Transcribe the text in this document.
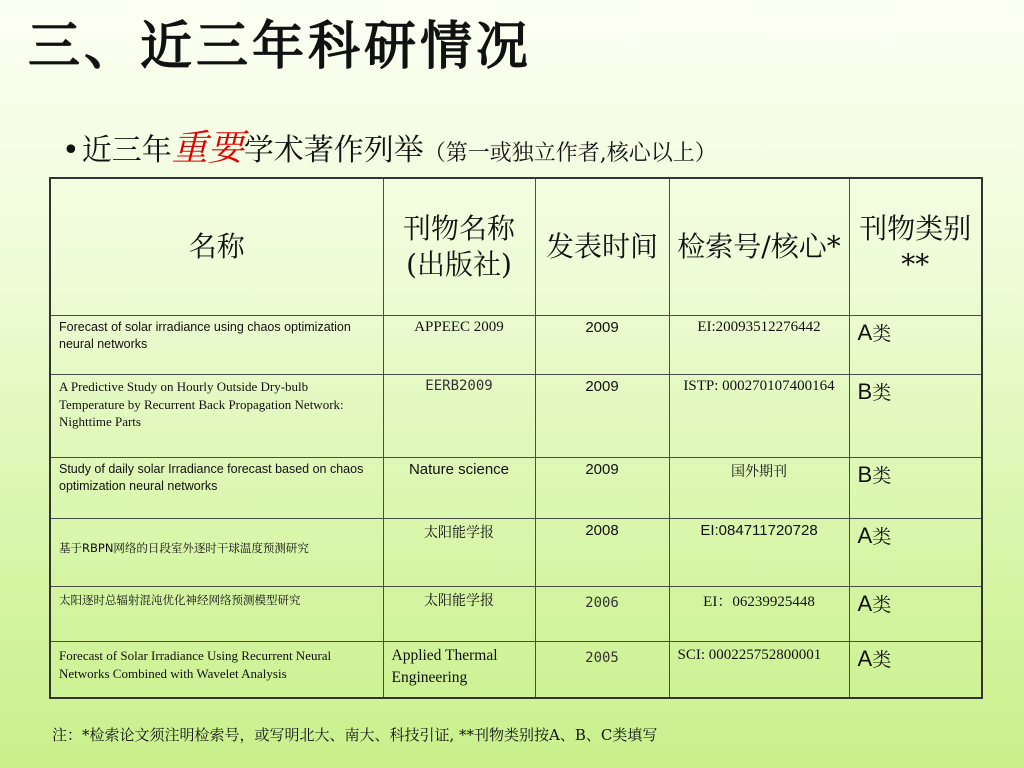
三、近三年科研情况
•近三年重要学术著作列举（第一或独立作者,核心以上）
名称	刊物名称(出版社)	发表时间	检索号/核心*	刊物类别**
Forecast of solar irradiance using chaos optimization neural networks	APPEEC 2009	2009	EI:20093512276442	A类
A Predictive Study on Hourly Outside Dry-bulb Temperature by Recurrent Back Propagation Network: Nighttime Parts	EERB2009	2009	ISTP: 000270107400164	B类
Study of daily solar Irradiance forecast based on chaos optimization neural networks	Nature science	2009	国外期刊	B类
基于RBPN网络的日段室外逐时干球温度预测研究	太阳能学报	2008	EI:084711720728	A类
太阳逐时总辐射混沌优化神经网络预测模型研究	太阳能学报	2006	EI：06239925448	A类
Forecast of Solar Irradiance Using Recurrent Neural Networks Combined with Wavelet Analysis	Applied Thermal Engineering	2005	SCI: 000225752800001	A类
注：*检索论文须注明检索号，或写明北大、南大、科技引证, **刊物类别按A、B、C类填写
